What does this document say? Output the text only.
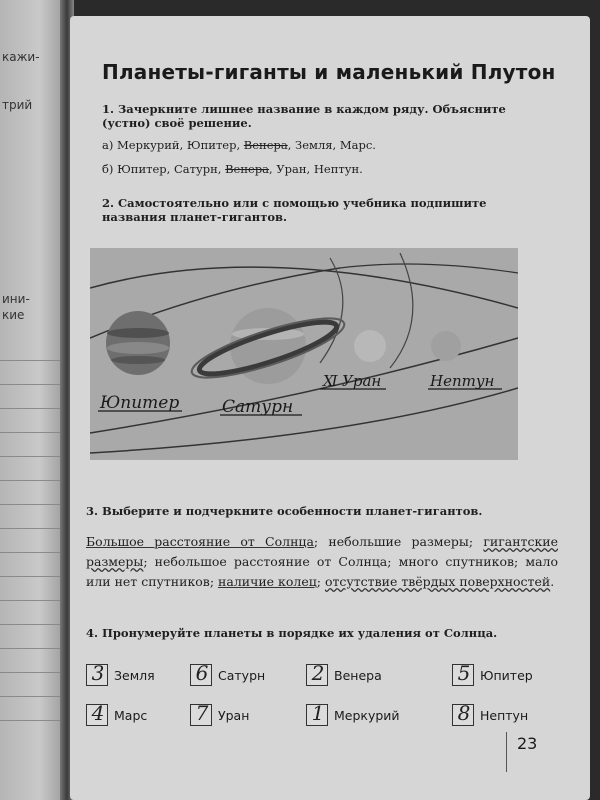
кажи-
трий
ини-
кие
Планеты-гиганты и маленький Плутон
1. Зачеркните лишнее название в каждом ряду. Объясните (устно) своё решение.
а) Меркурий, Юпитер, Венера, Земля, Марс.
б) Юпитер, Сатурн, Венера, Уран, Нептун.
2. Самостоятельно или с помощью учебника подпишите названия планет-гигантов.
Юпитер	Сатурн
Ⅺ Уран	Нептун
3. Выберите и подчеркните особенности планет-гигантов.
Большое расстояние от Солнца; небольшие размеры; гигантские размеры; небольшое расстояние от Солнца; много спутников; мало или нет спутников; наличие колец; отсутствие твёрдых поверхностей.
4. Пронумеруйте планеты в порядке их удаления от Солнца.
3 Земля 6 Сатурн 2 Венера	5 Юпитер
4 Марс 7 Уран	1 Меркурий	8 Нептун
23
